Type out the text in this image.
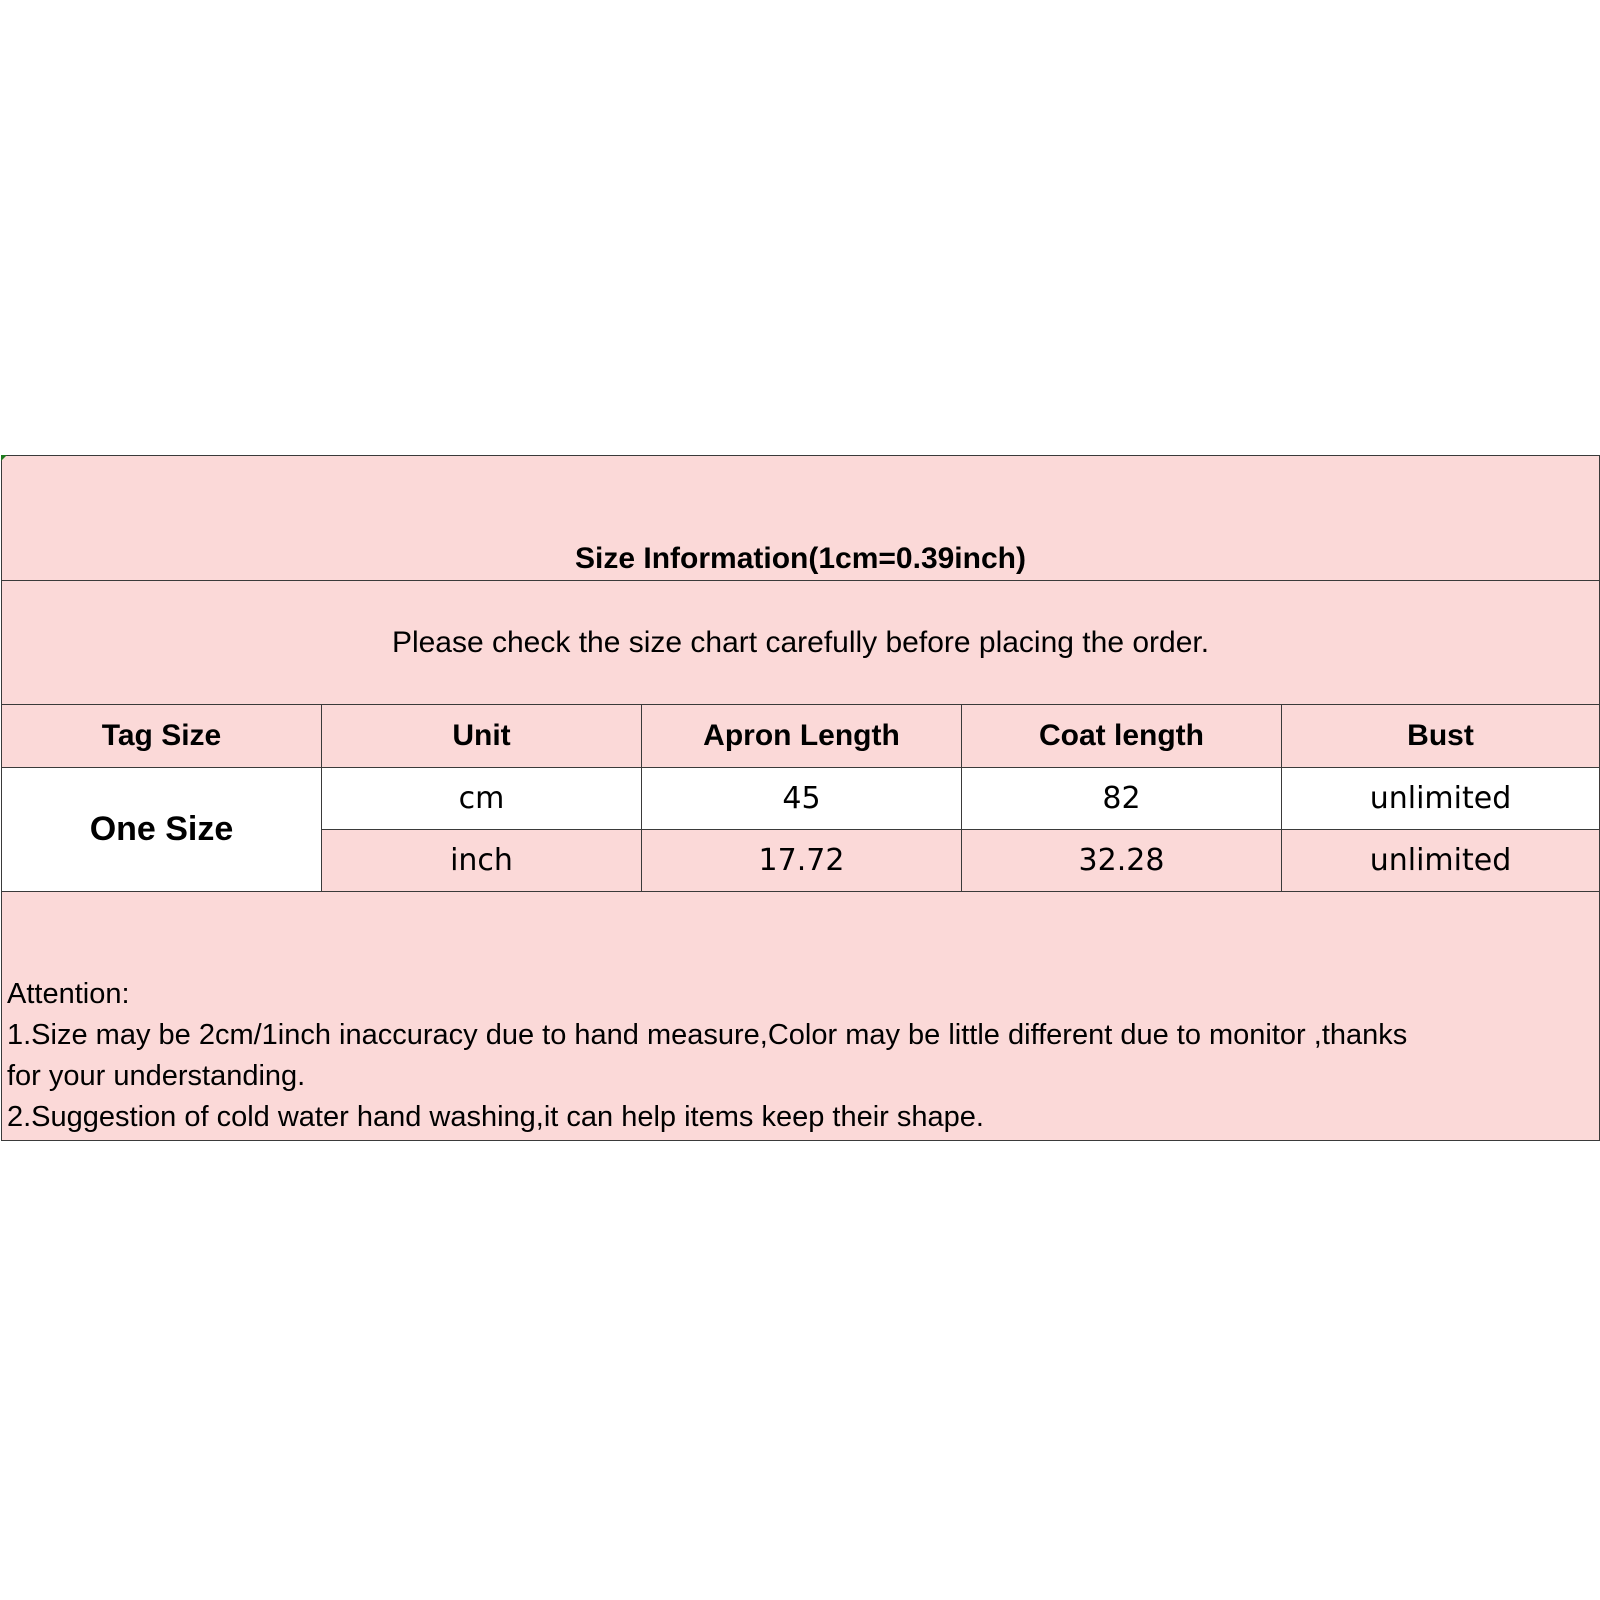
Size Information(1cm=0.39inch)				

Please check the size chart carefully before placing the order.				
Tag Size	Unit	Apron Length	Coat length	Bust
One Size	cm	45	82	unlimited
	inch	17.72	32.28	unlimited

Attention:
1.Size may be 2cm/1inch inaccuracy due to hand measure,Color may be little different due to monitor ,thanks
for your understanding.
2.Suggestion of cold water hand washing,it can help items keep their shape.				
